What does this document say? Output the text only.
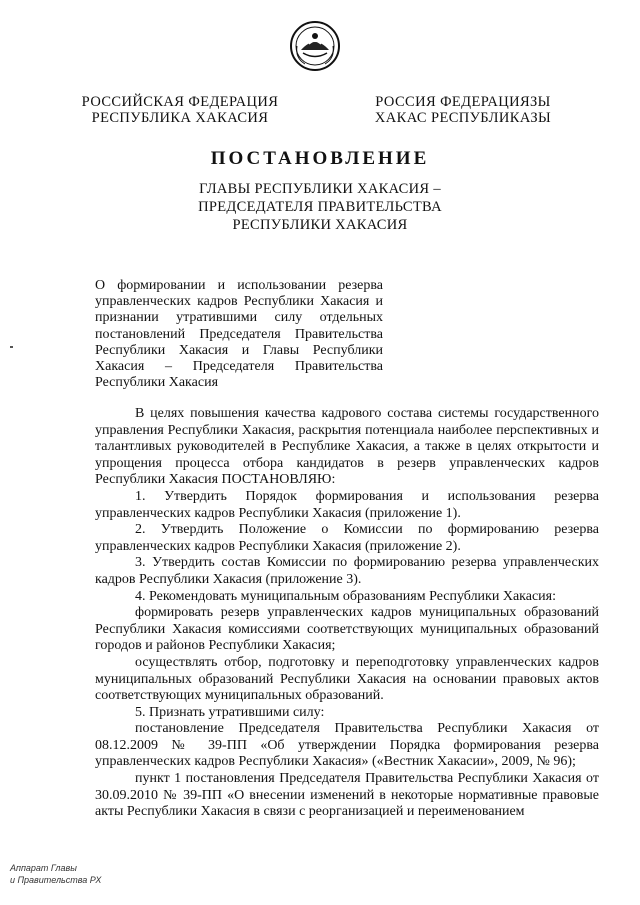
РОССИЙСКАЯ ФЕДЕРАЦИЯ
РЕСПУБЛИКА ХАКАСИЯ
РОССИЯ ФЕДЕРАЦИЯЗЫ
ХАКАС РЕСПУБЛИКАЗЫ
ПОСТАНОВЛЕНИЕ
ГЛАВЫ РЕСПУБЛИКИ ХАКАСИЯ –
ПРЕДСЕДАТЕЛЯ ПРАВИТЕЛЬСТВА
РЕСПУБЛИКИ ХАКАСИЯ
О формировании и использовании резерва управленческих кадров Республики Хакасия и признании утратившими силу отдельных постановлений Председателя Правительства Республики Хакасия и Главы Республики Хакасия – Председателя Правительства Республики Хакасия

В целях повышения качества кадрового состава системы государственного управления Республики Хакасия, раскрытия потенциала наиболее перспективных и талантливых руководителей в Республике Хакасия, а также в целях открытости и упрощения процесса отбора кандидатов в резерв управленческих кадров Республики Хакасия ПОСТАНОВЛЯЮ:

1. Утвердить Порядок формирования и использования резерва управленческих кадров Республики Хакасия (приложение 1).

2. Утвердить Положение о Комиссии по формированию резерва управленческих кадров Республики Хакасия (приложение 2).

3. Утвердить состав Комиссии по формированию резерва управленческих кадров Республики Хакасия (приложение 3).

4. Рекомендовать муниципальным образованиям Республики Хакасия:

формировать резерв управленческих кадров муниципальных образований Республики Хакасия комиссиями соответствующих муниципальных образований городов и районов Республики Хакасия;

осуществлять отбор, подготовку и переподготовку управленческих кадров муниципальных образований Республики Хакасия на основании правовых актов соответствующих муниципальных образований.

5. Признать утратившими силу:

постановление Председателя Правительства Республики Хакасия от 08.12.2009 № 39-ПП «Об утверждении Порядка формирования резерва управленческих кадров Республики Хакасия» («Вестник Хакасии», 2009, № 96);

пункт 1 постановления Председателя Правительства Республики Хакасия от 30.09.2010 № 39-ПП «О внесении изменений в некоторые нормативные правовые акты Республики Хакасия в связи с реорганизацией и переименованием

Аппарат Главы
и Правительства РХ
